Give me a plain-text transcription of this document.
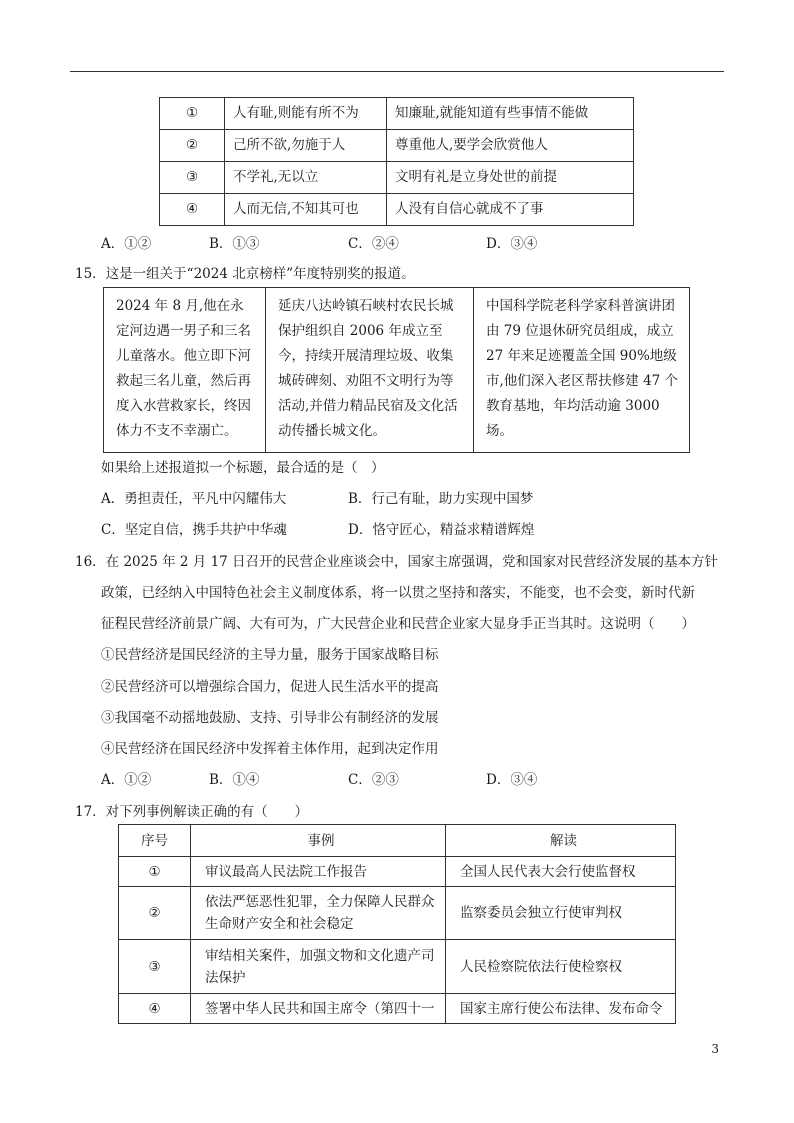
①	人有耻,则能有所不为	知廉耻,就能知道有些事情不能做
②	己所不欲,勿施于人	尊重他人,要学会欣赏他人
③	不学礼,无以立	文明有礼是立身处世的前提
④	人而无信,不知其可也	人没有自信心就成不了事
A．①②	B．①③	C．②④	D．③④
15．这是一组关于“2024 北京榜样”年度特别奖的报道。
2024 年 8 月,他在永定河边遇一男子和三名儿童落水。他立即下河救起三名儿童，然后再度入水营救家长，终因体力不支不幸溺亡。	延庆八达岭镇石峡村农民长城保护组织自 2006 年成立至今，持续开展清理垃圾、收集城砖碑刻、劝阻不文明行为等活动,并借力精品民宿及文化活动传播长城文化。	中国科学院老科学家科普演讲团由 79 位退休研究员组成，成立 27 年来足迹覆盖全国 90%地级市,他们深入老区帮扶修建 47 个教育基地，年均活动逾 3000 场。
如果给上述报道拟一个标题，最合适的是（　）
A．勇担责任，平凡中闪耀伟大	B．行己有耻，助力实现中国梦
C．坚定自信，携手共护中华魂	D．恪守匠心，精益求精谱辉煌
16．在 2025 年 2 月 17 日召开的民营企业座谈会中，国家主席强调，党和国家对民营经济发展的基本方针
政策，已经纳入中国特色社会主义制度体系，将一以贯之坚持和落实，不能变，也不会变，新时代新
征程民营经济前景广阔、大有可为，广大民营企业和民营企业家大显身手正当其时。这说明（　　）
①民营经济是国民经济的主导力量，服务于国家战略目标
②民营经济可以增强综合国力，促进人民生活水平的提高
③我国毫不动摇地鼓励、支持、引导非公有制经济的发展
④民营经济在国民经济中发挥着主体作用，起到决定作用
A．①②	B．①④	C．②③	D．③④
17．对下列事例解读正确的有（　　）
序号	事例	解读
①	审议最高人民法院工作报告	全国人民代表大会行使监督权
②	依法严惩恶性犯罪，全力保障人民群众生命财产安全和社会稳定	监察委员会独立行使审判权
③	审结相关案件，加强文物和文化遗产司法保护	人民检察院依法行使检察权
④	签署中华人民共和国主席令（第四十一	国家主席行使公布法律、发布命令
3
